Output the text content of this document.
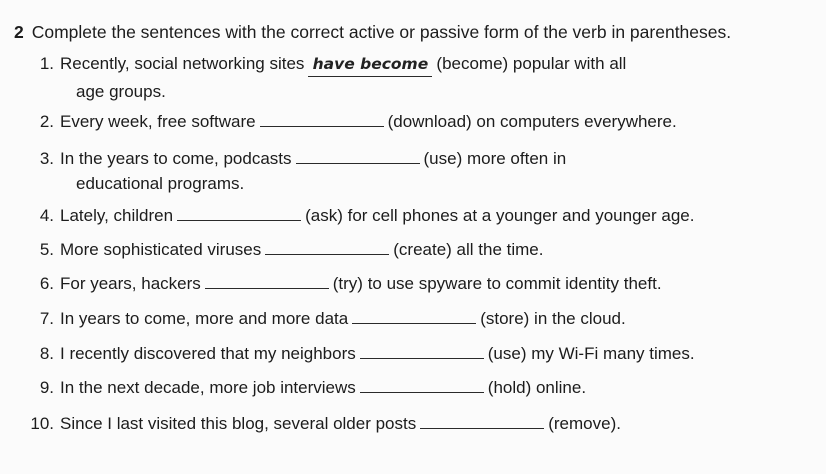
2 Complete the sentences with the correct active or passive form of the verb in parentheses.
1. Recently, social networking sites have become (become) popular with all
age groups.
2. Every week, free software	(download) on computers everywhere.
3. In the years to come, podcasts	(use) more often in
educational programs.
4. Lately, children	(ask) for cell phones at a younger and younger age.
5. More sophisticated viruses	(create) all the time.
6. For years, hackers	(try) to use spyware to commit identity theft.
7. In years to come, more and more data	(store) in the cloud.
8. I recently discovered that my neighbors	(use) my Wi-Fi many times.
9. In the next decade, more job interviews	(hold) online.
10. Since I last visited this blog, several older posts	(remove).
